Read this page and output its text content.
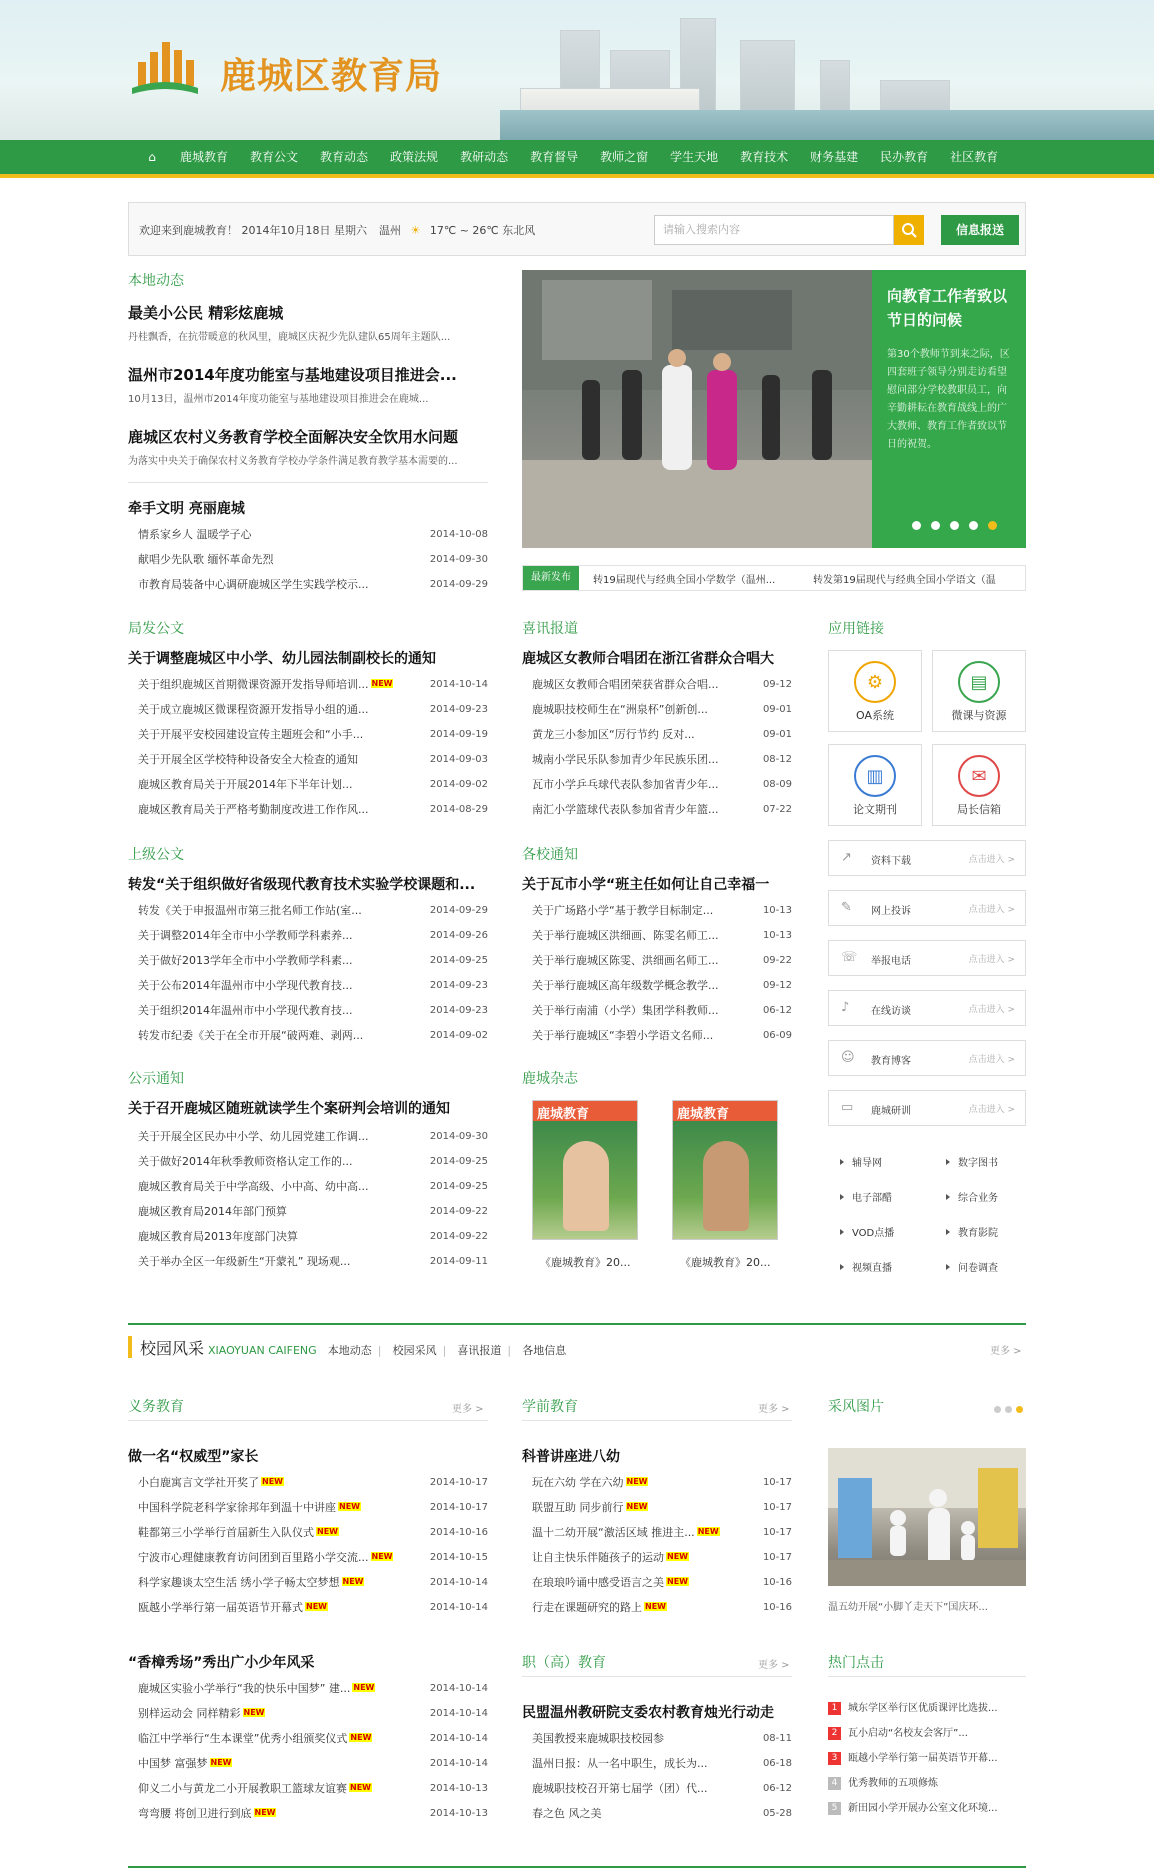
鹿城区教育局
⌂	鹿城教育	教育公文	教育动态	政策法规	教研动态	教育督导	教师之窗	学生天地	教育技术	财务基建	民办教育	社区教育
欢迎来到鹿城教育！ 2014年10月18日 星期六 温州 ☀ 17℃ ~ 26℃ 东北风	请输入搜索内容	信息报送
本地动态
最美小公民 精彩炫鹿城
丹桂飘香，在抗带暖意的秋风里，鹿城区庆祝少先队建队65周年主题队...
温州市2014年度功能室与基地建设项目推进会...
10月13日，温州市2014年度功能室与基地建设项目推进会在鹿城...
鹿城区农村义务教育学校全面解决安全饮用水问题
为落实中央关于确保农村义务教育学校办学条件满足教育教学基本需要的...
牵手文明 亮丽鹿城
情系家乡人 温暖学子心	2014-10-08
献唱少先队歌 缅怀革命先烈	2014-09-30
市教育局装备中心调研鹿城区学生实践学校示...	2014-09-29
向教育工作者致以节日的问候
第30个教师节到来之际，区四套班子领导分别走访看望慰问部分学校教职员工，向辛勤耕耘在教育战线上的广大教师、教育工作者致以节日的祝贺。
最新发布	转19届现代与经典全国小学数学（温州...	转发第19届现代与经典全国小学语文（温
局发公文
关于调整鹿城区中小学、幼儿园法制副校长的通知
关于组织鹿城区首期微课资源开发指导师培训... NEW	2014-10-14
关于成立鹿城区微课程资源开发指导小组的通...	2014-09-23
关于开展平安校园建设宣传主题班会和“小手...	2014-09-19
关于开展全区学校特种设备安全大检查的通知	2014-09-03
鹿城区教育局关于开展2014年下半年计划...	2014-09-02
鹿城区教育局关于严格考勤制度改进工作作风...	2014-08-29
喜讯报道
鹿城区女教师合唱团在浙江省群众合唱大
鹿城区女教师合唱团荣获省群众合唱...	09-12
鹿城职技校师生在“洲泉杯”创新创...	09-01
黄龙三小参加区“厉行节约 反对...	09-01
城南小学民乐队参加青少年民族乐团...	08-12
瓦市小学乒乓球代表队参加省青少年...	08-09
南汇小学篮球代表队参加省青少年篮...	07-22
上级公文
转发“关于组织做好省级现代教育技术实验学校课题和...
转发《关于申报温州市第三批名师工作站(室...	2014-09-29
关于调整2014年全市中小学教师学科素养...	2014-09-26
关于做好2013学年全市中小学教师学科素...	2014-09-25
关于公布2014年温州市中小学现代教育技...	2014-09-23
关于组织2014年温州市中小学现代教育技...	2014-09-23
转发市纪委《关于在全市开展“破两难、剥两...	2014-09-02
各校通知
关于瓦市小学“班主任如何让自己幸福一
关于广场路小学“基于教学目标制定...	10-13
关于举行鹿城区洪细画、陈雯名师工...	10-13
关于举行鹿城区陈雯、洪细画名师工...	09-22
关于举行鹿城区高年级数学概念教学...	09-12
关于举行南浦（小学）集团学科教师...	06-12
关于举行鹿城区“李碧小学语文名师...	06-09
公示通知
关于召开鹿城区随班就读学生个案研判会培训的通知
关于开展全区民办中小学、幼儿园党建工作调...	2014-09-30
关于做好2014年秋季教师资格认定工作的...	2014-09-25
鹿城区教育局关于中学高级、小中高、幼中高...	2014-09-25
鹿城区教育局2014年部门预算	2014-09-22
鹿城区教育局2013年度部门决算	2014-09-22
关于举办全区一年级新生“开蒙礼” 现场观...	2014-09-11
鹿城杂志
鹿城教育	鹿城教育
《鹿城教育》20...	《鹿城教育》20...
应用链接
⚙
OA系统
▤
微课与资源
▥
论文期刊
✉
局长信箱
↗	资料下载	点击进入 >
✎	网上投诉	点击进入 >
☏ 举报电话	点击进入 >
♪	在线访谈	点击进入 >
☺ 教育博客	点击进入 >
▭	鹿城研训	点击进入 >
辅导网	数字图书
电子部醋	综合业务
VOD点播	教育影院
视频直播	问卷调查
校园风采 XIAOYUAN CAIFENG 本地动态 | 校园采风 | 喜讯报道 | 各地信息	更多 >
义务教育	更多 >
做一名“权威型”家长
小白鹿寓言文学社开奖了 NEW	2014-10-17
中国科学院老科学家徐邦年到温十中讲座 NEW	2014-10-17
鞋都第三小学举行首届新生入队仪式 NEW	2014-10-16
宁波市心理健康教育访问团到百里路小学交流... NEW	2014-10-15
科学家趣谈太空生活 绣小学子畅太空梦想 NEW	2014-10-14
瓯越小学举行第一届英语节开幕式 NEW	2014-10-14
“香樟秀场”秀出广小少年风采
鹿城区实验小学举行“我的快乐中国梦” 建... NEW	2014-10-14
别样运动会 同样精彩 NEW	2014-10-14
临江中学举行“生本课堂”优秀小组颁奖仪式 NEW	2014-10-14
中国梦 富强梦 NEW	2014-10-14
仰义二小与黄龙二小开展教职工篮球友谊赛 NEW	2014-10-13
弯弯腰 将创卫进行到底 NEW	2014-10-13
学前教育	更多 >
科普讲座进八幼
玩在六幼 学在六幼 NEW	10-17
联盟互助 同步前行 NEW	10-17
温十二幼开展“激活区域 推进主... NEW	10-17
让自主快乐伴随孩子的运动 NEW	10-17
在琅琅吟诵中感受语言之美 NEW	10-16
行走在课题研究的路上 NEW	10-16
职（高）教育	更多 >
民盟温州教研院支委农村教育烛光行动走
美国教授来鹿城职技校园参	08-11
温州日报：从一名中职生，成长为...	06-18
鹿城职技校召开第七届学（团）代...	06-12
春之色 风之美	05-28
采风图片
温五幼开展“小脚丫走天下”国庆环...
热门点击
1	城东学区举行区优质课评比选拔...
2	瓦小启动“名校友会客厅”...
3	瓯越小学举行第一届英语节开幕...
4	优秀教师的五项修炼
5	新田园小学开展办公室文化环境...
